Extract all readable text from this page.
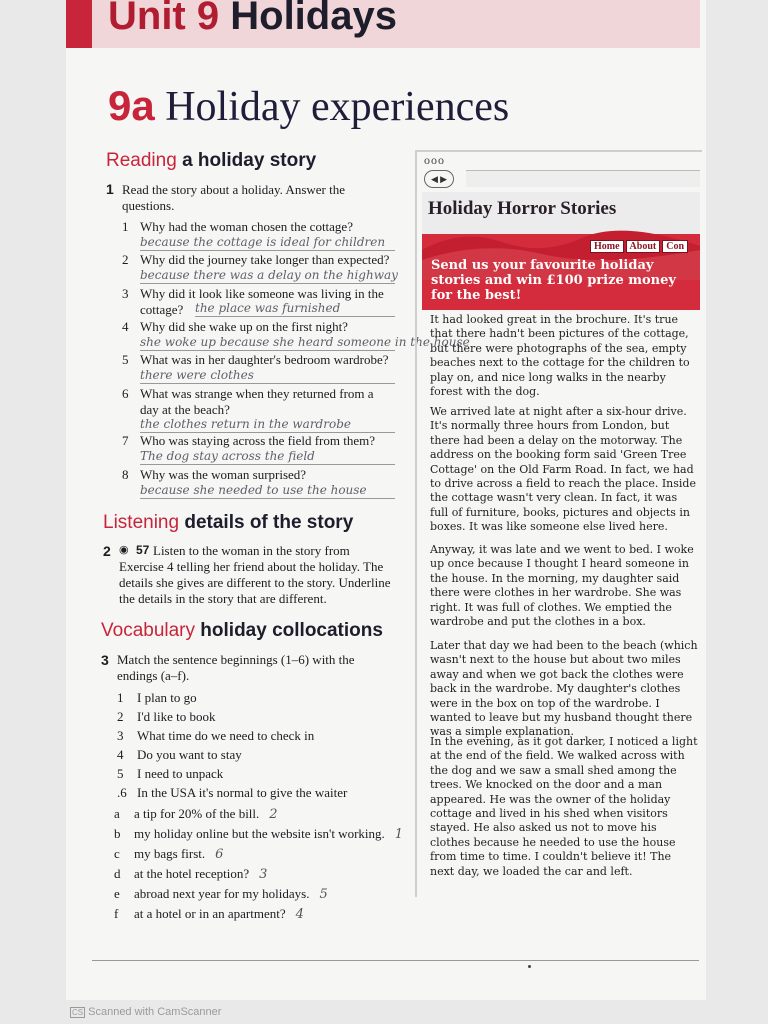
Unit 9 Holidays
9a Holiday experiences
Reading a holiday story
1 Read the story about a holiday. Answer the questions.
1 Why had the woman chosen the cottage?
because the cottage is ideal for children
2 Why did the journey take longer than expected?
because there was a delay on the highway
3 Why did it look like someone was living in the
cottage? the place was furnished
4 Why did she wake up on the first night?
she woke up because she heard someone in the house
5 What was in her daughter's bedroom wardrobe?
there were clothes
6 What was strange when they returned from a
day at the beach?
the clothes return in the wardrobe
7 Who was staying across the field from them?
The dog stay across the field
8 Why was the woman surprised?
because she needed to use the house
Listening details of the story
2 ◉ 57 Listen to the woman in the story from Exercise 4 telling her friend about the holiday. The details she gives are different to the story. Underline the details in the story that are different.
Vocabulary holiday collocations
3 Match the sentence beginnings (1–6) with the endings (a–f).
1 I plan to go
2 I'd like to book
3 What time do we need to check in
4 Do you want to stay
5 I need to unpack
.6 In the USA it's normal to give the waiter
a a tip for 20% of the bill. 2
b my holiday online but the website isn't working. 1
c my bags first. 6
d at the hotel reception? 3
e abroad next year for my holidays. 5
f at a hotel or in an apartment? 4
ooo
◀ ▶
Holiday Horror Stories
Home About Con
Send us your favourite holiday stories and win £100 prize money for the best!
It had looked great in the brochure. It's true that there hadn't been pictures of the cottage, but there were photographs of the sea, empty beaches next to the cottage for the children to play on, and nice long walks in the nearby forest with the dog.
We arrived late at night after a six-hour drive. It's normally three hours from London, but there had been a delay on the motorway. The address on the booking form said 'Green Tree Cottage' on the Old Farm Road. In fact, we had to drive across a field to reach the place. Inside the cottage wasn't very clean. In fact, it was full of furniture, books, pictures and objects in boxes. It was like someone else lived here.
Anyway, it was late and we went to bed. I woke up once because I thought I heard someone in the house. In the morning, my daughter said there were clothes in her wardrobe. She was right. It was full of clothes. We emptied the wardrobe and put the clothes in a box.
Later that day we had been to the beach (which wasn't next to the house but about two miles away and when we got back the clothes were back in the wardrobe. My daughter's clothes were in the box on top of the wardrobe. I wanted to leave but my husband thought there was a simple explanation.
In the evening, as it got darker, I noticed a light at the end of the field. We walked across with the dog and we saw a small shed among the trees. We knocked on the door and a man appeared. He was the owner of the holiday cottage and lived in his shed when visitors stayed. He also asked us not to move his clothes because he needed to use the house from time to time. I couldn't believe it! The next day, we loaded the car and left.
CS Scanned with CamScanner
